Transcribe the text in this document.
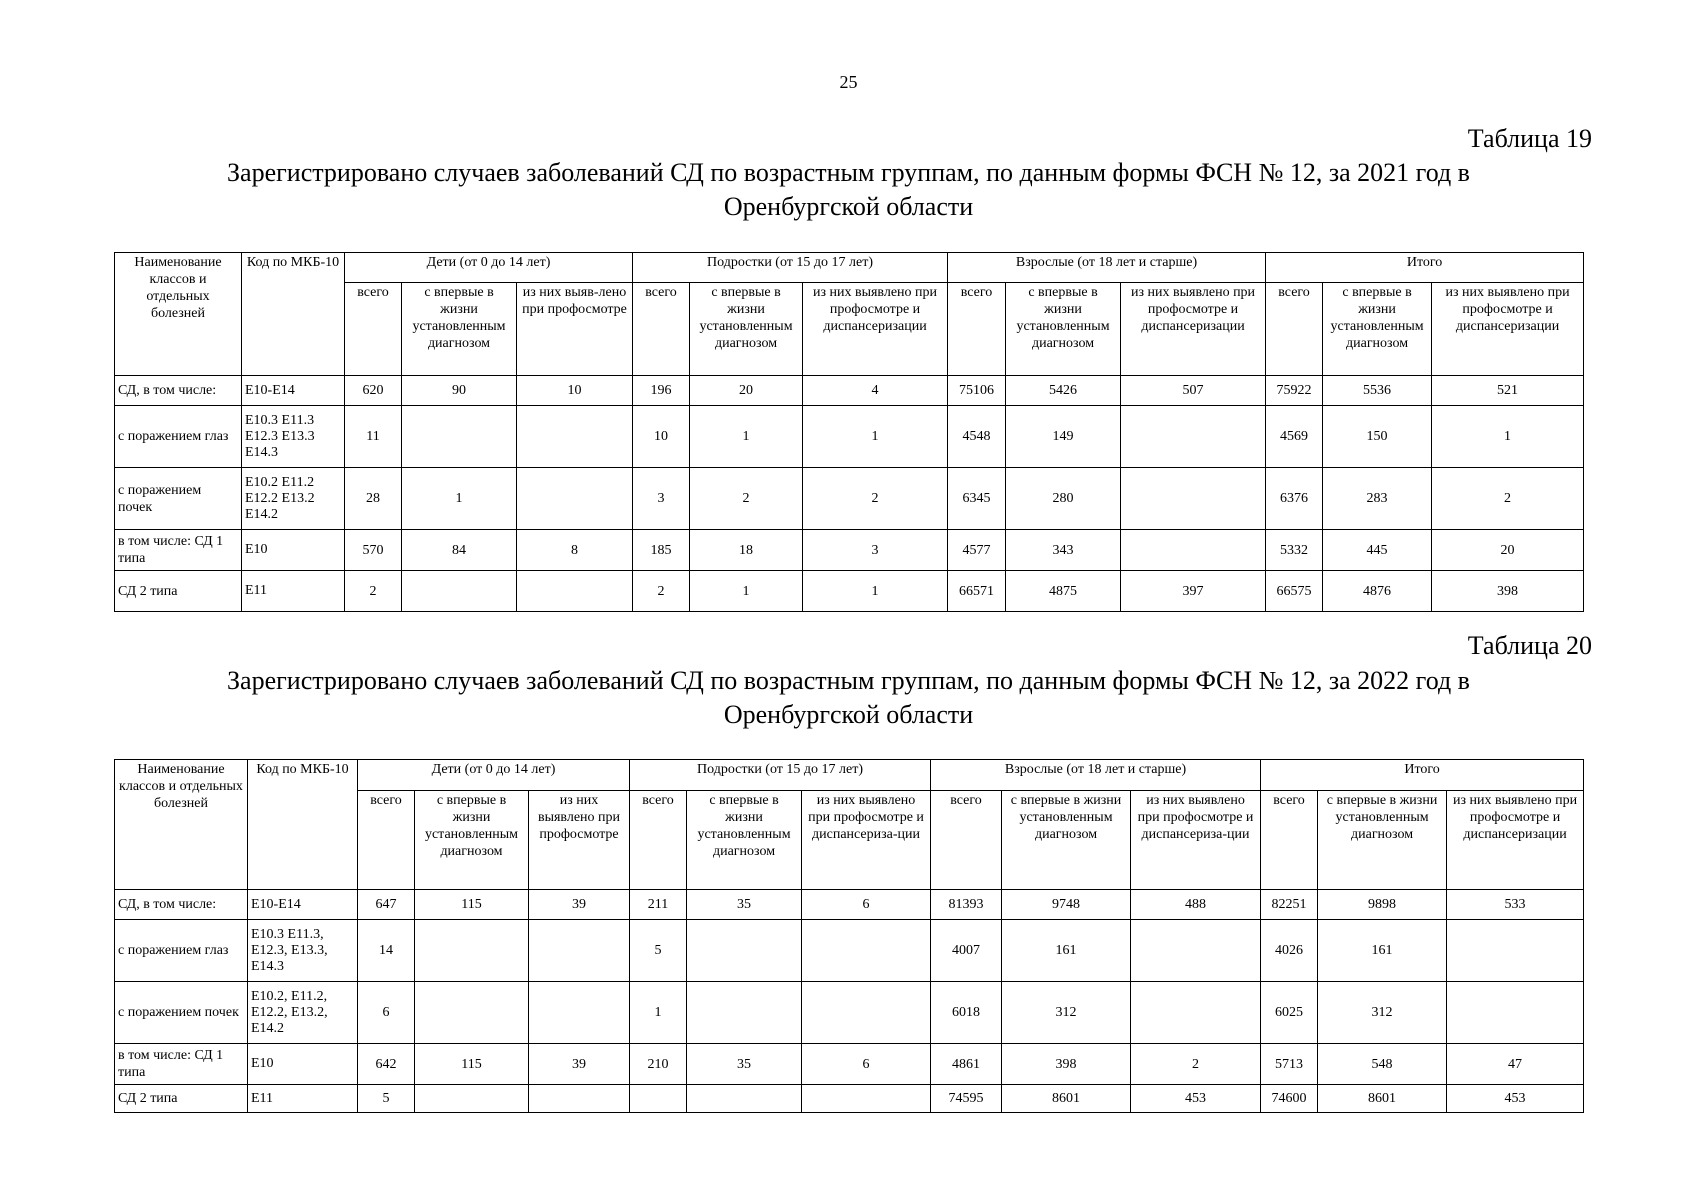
25
Таблица 19
Зарегистрировано случаев заболеваний СД по возрастным группам, по данным формы ФСН № 12, за 2021 год в
Оренбургской области
Наименование классов и отдельных болезней	Код по МКБ-10	Дети (от 0 до 14 лет)			Подростки (от 15 до 17 лет)			Взрослые (от 18 лет и старше)			Итого		
		всего	с впервые в жизни установленным диагнозом	из них выяв-лено при профосмотре	всего	с впервые в жизни установленным диагнозом	из них выявлено при профосмотре и диспансеризации	всего	с впервые в жизни установленным диагнозом	из них выявлено при профосмотре и диспансеризации	всего	с впервые в жизни установленным диагнозом	из них выявлено при профосмотре и диспансеризации
СД, в том числе:	E10-E14	620	90	10	196	20	4	75106	5426	507	75922	5536	521
с поражением глаз	E10.3 E11.3 E12.3 E13.3 E14.3	11			10	1	1	4548	149		4569	150	1
с поражением почек	E10.2 E11.2 E12.2 E13.2 E14.2	28	1		3	2	2	6345	280		6376	283	2
в том числе: СД 1 типа	E10	570	84	8	185	18	3	4577	343		5332	445	20
СД 2 типа	E11	2			2	1	1	66571	4875	397	66575	4876	398
Таблица 20
Зарегистрировано случаев заболеваний СД по возрастным группам, по данным формы ФСН № 12, за 2022 год в
Оренбургской области
Наименование классов и отдельных болезней	Код по МКБ-10	Дети (от 0 до 14 лет)			Подростки (от 15 до 17 лет)			Взрослые (от 18 лет и старше)			Итого		
		всего	с впервые в жизни установленным диагнозом	из них выявлено при профосмотре	всего	с впервые в жизни установленным диагнозом	из них выявлено при профосмотре и диспансериза-ции	всего	с впервые в жизни установленным диагнозом	из них выявлено при профосмотре и диспансериза-ции	всего	с впервые в жизни установленным диагнозом	из них выявлено при профосмотре и диспансеризации
СД, в том числе:	E10-E14	647	115	39	211	35	6	81393	9748	488	82251	9898	533
с поражением глаз	E10.3 E11.3, E12.3, E13.3, E14.3	14			5			4007	161		4026	161	
с поражением почек	E10.2, E11.2, E12.2, E13.2, E14.2	6			1			6018	312		6025	312	
в том числе: СД 1 типа	E10	642	115	39	210	35	6	4861	398	2	5713	548	47
СД 2 типа	E11	5						74595	8601	453	74600	8601	453
